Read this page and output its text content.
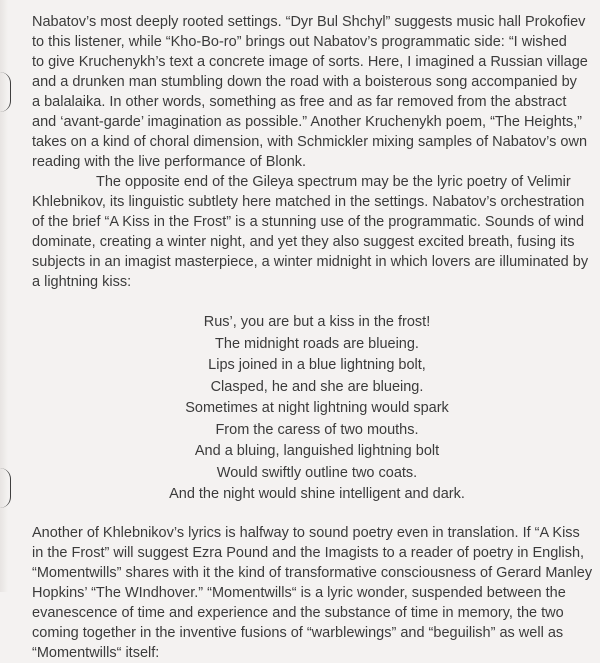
Nabatov’s most deeply rooted settings. “Dyr Bul Shchyl” suggests music hall Prokofiev
to this listener, while “Kho-Bo-ro” brings out Nabatov’s programmatic side: “I wished
to give Kruchenykh’s text a concrete image of sorts. Here, I imagined a Russian village
and a drunken man stumbling down the road with a boisterous song accompanied by
a balalaika. In other words, something as free and as far removed from the abstract
and ‘avant-garde’ imagination as possible.” Another Kruchenykh poem, “The Heights,”
takes on a kind of choral dimension, with Schmickler mixing samples of Nabatov’s own
reading with the live performance of Blonk.

The opposite end of the Gileya spectrum may be the lyric poetry of Velimir
Khlebnikov, its linguistic subtlety here matched in the settings. Nabatov’s orchestration
of the brief “A Kiss in the Frost” is a stunning use of the programmatic. Sounds of wind
dominate, creating a winter night, and yet they also suggest excited breath, fusing its
subjects in an imagist masterpiece, a winter midnight in which lovers are illuminated by
a lightning kiss:

Rus’, you are but a kiss in the frost!
The midnight roads are blueing.
Lips joined in a blue lightning bolt,
Clasped, he and she are blueing.
Sometimes at night lightning would spark
From the caress of two mouths.
And a bluing, languished lightning bolt
Would swiftly outline two coats.
And the night would shine intelligent and dark.

Another of Khlebnikov’s lyrics is halfway to sound poetry even in translation. If “A Kiss
in the Frost” will suggest Ezra Pound and the Imagists to a reader of poetry in English,
“Momentwills” shares with it the kind of transformative consciousness of Gerard Manley
Hopkins’ “The WIndhover.” “Momentwills“ is a lyric wonder, suspended between the
evanescence of time and experience and the substance of time in memory, the two
coming together in the inventive fusions of “warblewings” and “beguilish” as well as
“Momentwills“ itself:
